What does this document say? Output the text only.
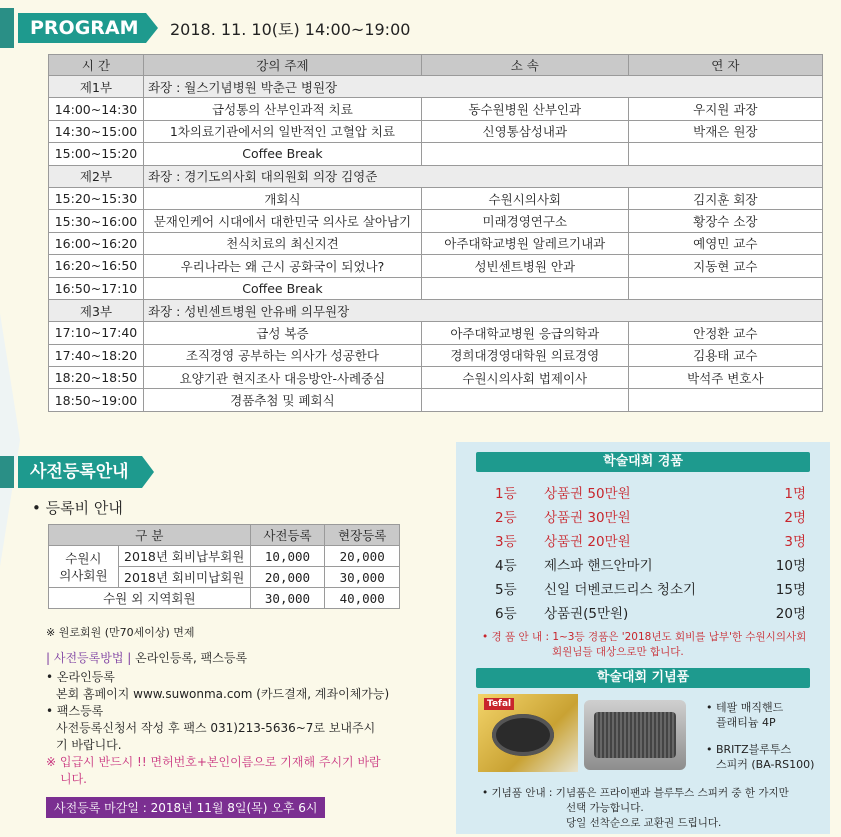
PROGRAM	2018. 11. 10(토) 14:00~19:00
시 간	강의 주제	소 속	연 자
제1부	좌장 : 월스기념병원 박춘근 병원장		
14:00~14:30	급성통의 산부인과적 치료	동수원병원 산부인과	우지원 과장
14:30~15:00	1차의료기관에서의 일반적인 고혈압 치료	신영통삼성내과	박재은 원장
15:00~15:20	Coffee Break		
제2부	좌장 : 경기도의사회 대의원회 의장 김영준		
15:20~15:30	개회식	수원시의사회	김지훈 회장
15:30~16:00	문재인케어 시대에서 대한민국 의사로 살아남기	미래경영연구소	황장수 소장
16:00~16:20	천식치료의 최신지견	아주대학교병원 알레르기내과	예영민 교수
16:20~16:50	우리나라는 왜 근시 공화국이 되었나?	성빈센트병원 안과	지동현 교수
16:50~17:10	Coffee Break		
제3부	좌장 : 성빈센트병원 안유배 의무원장		
17:10~17:40	급성 복증	아주대학교병원 응급의학과	안정환 교수
17:40~18:20	조직경영 공부하는 의사가 성공한다	경희대경영대학원 의료경영	김용태 교수
18:20~18:50	요양기관 현지조사 대응방안-사례중심	수원시의사회 법제이사	박석주 변호사
18:50~19:00	경품추첨 및 폐회식		
사전등록안내
• 등록비 안내
구 분		사전등록	현장등록
수원시
의사회원	2018년 회비납부회원	10,000	20,000
	2018년 회비미납회원	20,000	30,000
수원 외 지역회원		30,000	40,000
※ 원로회원 (만70세이상) 면제
| 사전등록방법 | 온라인등록, 팩스등록
• 온라인등록
본회 홈페이지 www.suwonma.com (카드결재, 계좌이체가능)
• 팩스등록
사전등록신청서 작성 후 팩스 031)213-5636~7로 보내주시
기 바랍니다.
※ 입급시 반드시 !! 면허번호+본인이름으로 기재해 주시기 바람
니다.
사전등록 마감일 : 2018년 11월 8일(목) 오후 6시
학술대회 경품
1등	상품권 50만원	1명
2등	상품권 30만원	2명
3등	상품권 20만원	3명
4등	제스파 핸드안마기	10명
5등	신일 더벤코드리스 청소기	15명
6등	상품권(5만원)	20명
• 경 품 안 내 : 1~3등 경품은 '2018년도 회비를 납부'한 수원시의사회
회원님들 대상으로만 합니다.
학술대회 기념품
Tefal	• 테팔 매직핸드
플래티늄 4P
• BRITZ블루투스
스피커 (BA-RS100)
• 기념품 안내 : 기념품은 프라이팬과 블루투스 스피커 중 한 가지만
선택 가능합니다.
당일 선착순으로 교환권 드립니다.
